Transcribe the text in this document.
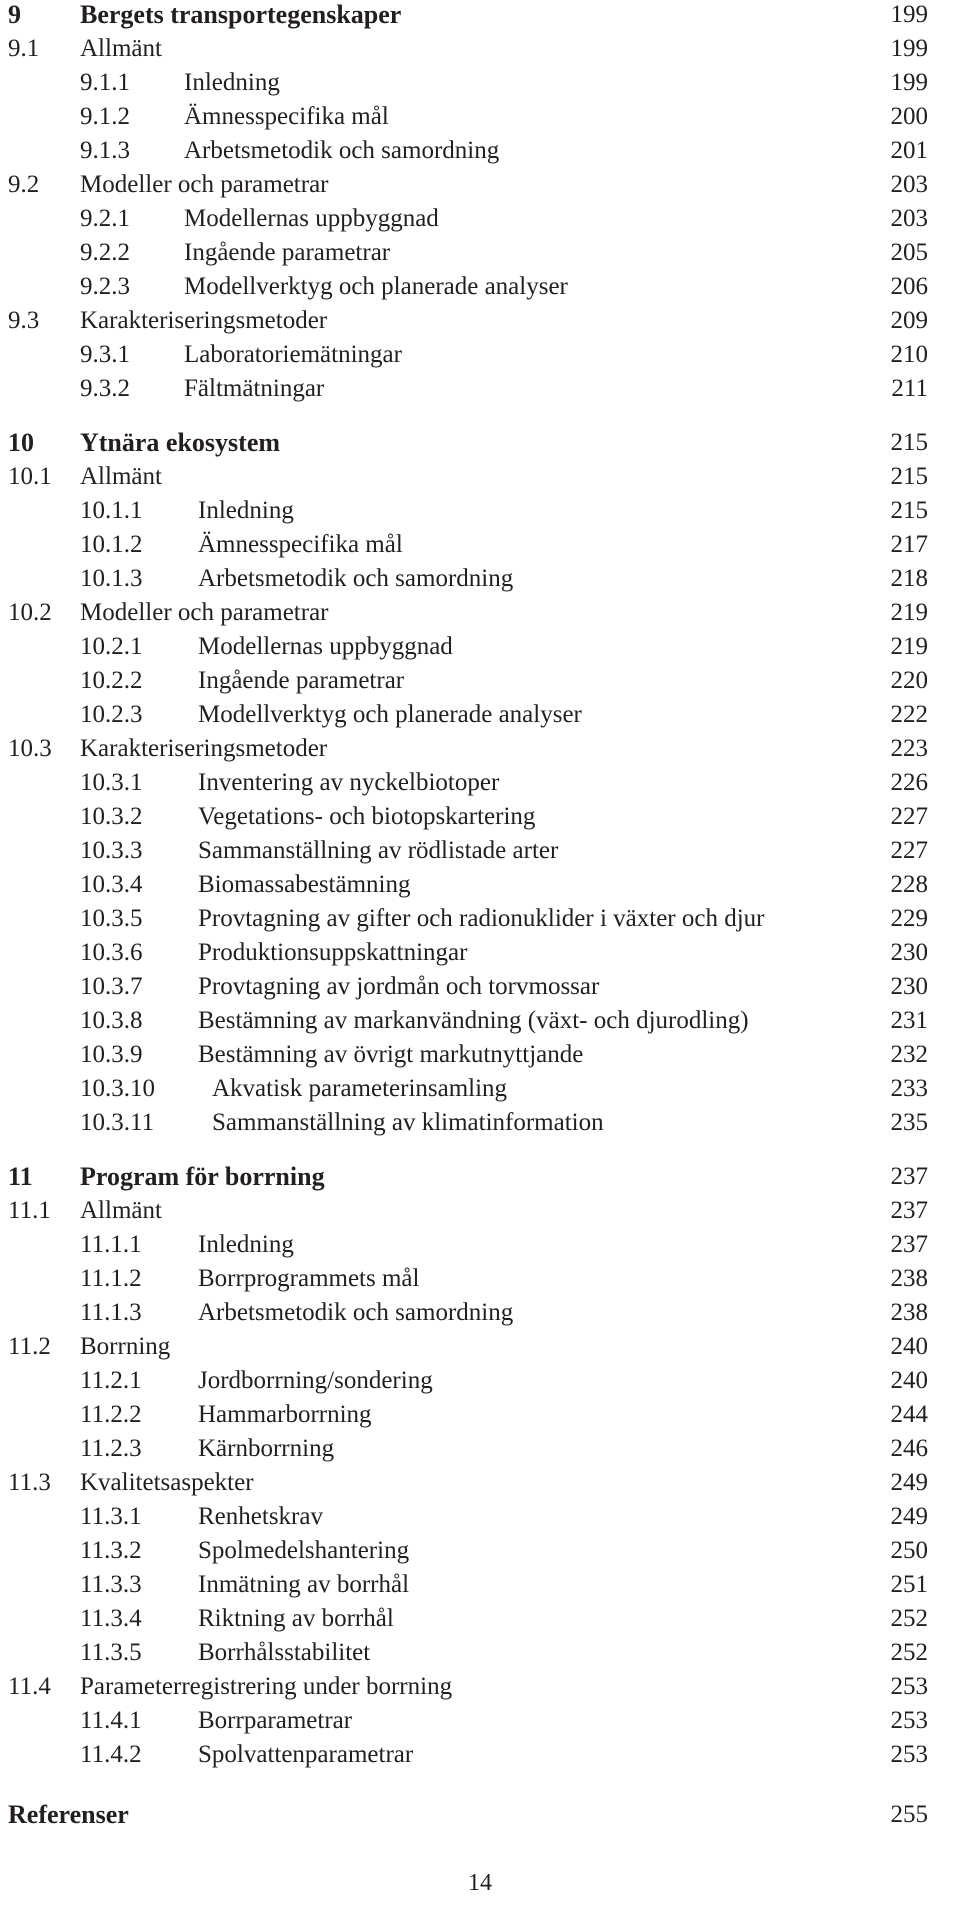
9 Bergets transportegenskaper	199
9.1 Allmänt	199
9.1.1 Inledning	199
9.1.2 Ämnesspecifika mål	200
9.1.3 Arbetsmetodik och samordning	201
9.2 Modeller och parametrar	203
9.2.1 Modellernas uppbyggnad	203
9.2.2 Ingående parametrar	205
9.2.3 Modellverktyg och planerade analyser	206
9.3 Karakteriseringsmetoder	209
9.3.1 Laboratoriemätningar	210
9.3.2 Fältmätningar	211
10 Ytnära ekosystem	215
10.1 Allmänt	215
10.1.1 Inledning	215
10.1.2 Ämnesspecifika mål	217
10.1.3 Arbetsmetodik och samordning	218
10.2 Modeller och parametrar	219
10.2.1 Modellernas uppbyggnad	219
10.2.2 Ingående parametrar	220
10.2.3 Modellverktyg och planerade analyser	222
10.3 Karakteriseringsmetoder	223
10.3.1 Inventering av nyckelbiotoper	226
10.3.2 Vegetations- och biotopskartering	227
10.3.3 Sammanställning av rödlistade arter	227
10.3.4 Biomassabestämning	228
10.3.5 Provtagning av gifter och radionuklider i växter och djur	229
10.3.6 Produktionsuppskattningar	230
10.3.7 Provtagning av jordmån och torvmossar	230
10.3.8 Bestämning av markanvändning (växt- och djurodling)	231
10.3.9 Bestämning av övrigt markutnyttjande	232
10.3.10 Akvatisk parameterinsamling	233
10.3.11 Sammanställning av klimatinformation	235
11 Program för borrning	237
11.1 Allmänt	237
11.1.1 Inledning	237
11.1.2 Borrprogrammets mål	238
11.1.3 Arbetsmetodik och samordning	238
11.2 Borrning	240
11.2.1 Jordborrning/sondering	240
11.2.2 Hammarborrning	244
11.2.3 Kärnborrning	246
11.3 Kvalitetsaspekter	249
11.3.1 Renhetskrav	249
11.3.2 Spolmedelshantering	250
11.3.3 Inmätning av borrhål	251
11.3.4 Riktning av borrhål	252
11.3.5 Borrhålsstabilitet	252
11.4 Parameterregistrering under borrning	253
11.4.1 Borrparametrar	253
11.4.2 Spolvattenparametrar	253
Referenser	255
14
